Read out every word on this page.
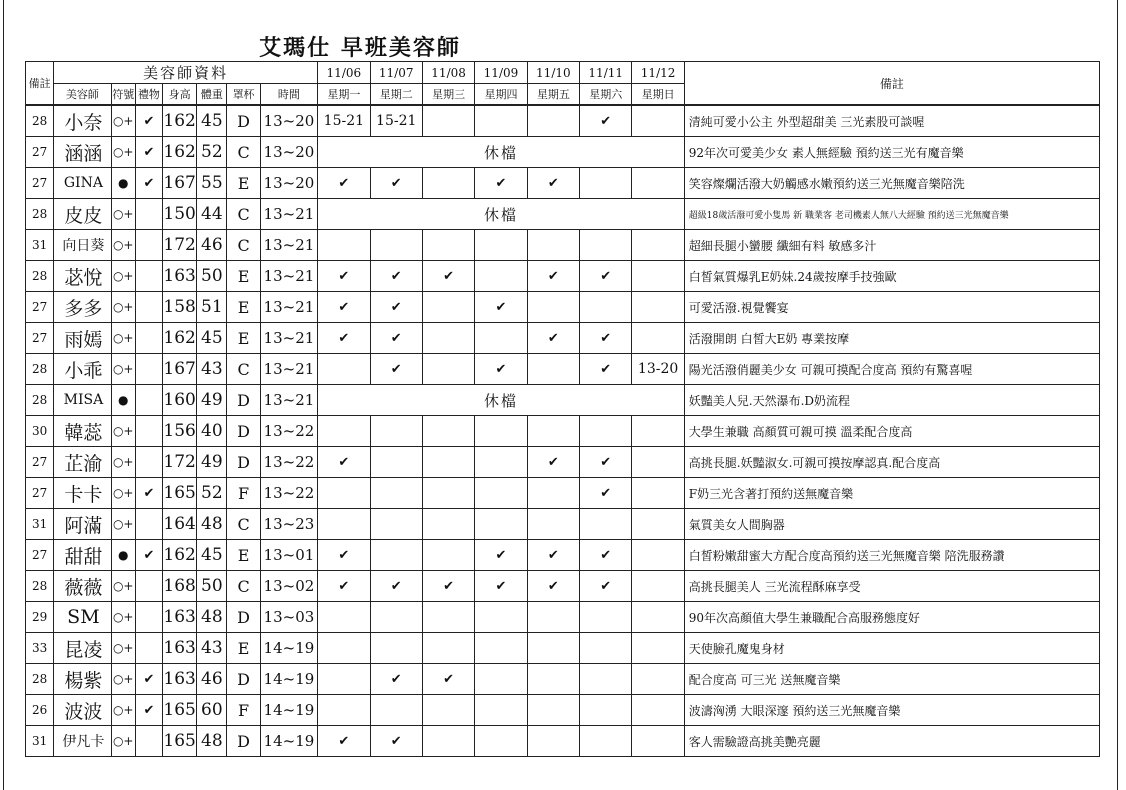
艾瑪仕 早班美容師
備註	美容師資料							11/06	11/07	11/08	11/09	11/10	11/11	11/12	備註
	美容師	符號	禮物	身高	體重	罩杯	時間	星期一	星期二	星期三	星期四	星期五	星期六	星期日	
28	小奈	○+	✔	162	45	D	13~20	15-21	15-21				✔		清純可愛小公主 外型超甜美 三光素股可談喔
27	涵涵	○+	✔	162	52	C	13~20	休檔							92年次可愛美少女 素人無經驗 預約送三光有魔音樂
27	GINA	●	✔	167	55	E	13~20	✔	✔		✔	✔			笑容燦爛活潑大奶觸感水嫩預約送三光無魔音樂陪洗
28	皮皮	○+		150	44	C	13~21	休檔							超級18歲活潑可愛小隻馬 新 職業客 老司機素人無八大經驗 預約送三光無魔音樂
31	向日葵	○+		172	46	C	13~21								超細長腿小蠻腰 纖細有料 敏感多汁
28	苾悅	○+		163	50	E	13~21	✔	✔	✔		✔	✔		白皙氣質爆乳E奶妹.24歲按摩手技強歐
27	多多	○+		158	51	E	13~21	✔	✔		✔				可愛活潑.視覺饗宴
27	雨嫣	○+		162	45	E	13~21	✔	✔			✔	✔		活潑開朗 白皙大E奶 專業按摩
28	小乖	○+		167	43	C	13~21		✔		✔		✔	13-20	陽光活潑俏麗美少女 可親可摸配合度高 預約有驚喜喔
28	MISA	●		160	49	D	13~21	休檔							妖豔美人兒.天然瀑布.D奶流程
30	韓蕊	○+		156	40	D	13~22								大學生兼職 高顏質可親可摸 溫柔配合度高
27	芷渝	○+		172	49	D	13~22	✔				✔	✔		高挑長腿.妖豔淑女.可親可摸按摩認真.配合度高
27	卡卡	○+	✔	165	52	F	13~22						✔		F奶三光含著打預約送無魔音樂
31	阿滿	○+		164	48	C	13~23								氣質美女人間胸器
27	甜甜	●	✔	162	45	E	13~01	✔			✔	✔	✔		白皙粉嫩甜蜜大方配合度高預約送三光無魔音樂 陪洗服務讚
28	薇薇	○+		168	50	C	13~02	✔	✔	✔	✔	✔	✔		高挑長腿美人 三光流程酥麻享受
29	SM	○+		163	48	D	13~03								90年次高顏值大學生兼職配合高服務態度好
33	昆凌	○+		163	43	E	14~19								天使臉孔魔鬼身材
28	楊紫	○+	✔	163	46	D	14~19		✔	✔					配合度高 可三光 送無魔音樂
26	波波	○+	✔	165	60	F	14~19								波濤洶湧 大眼深邃 預約送三光無魔音樂
31	伊凡卡	○+		165	48	D	14~19	✔	✔						客人需驗證高挑美艷亮麗
